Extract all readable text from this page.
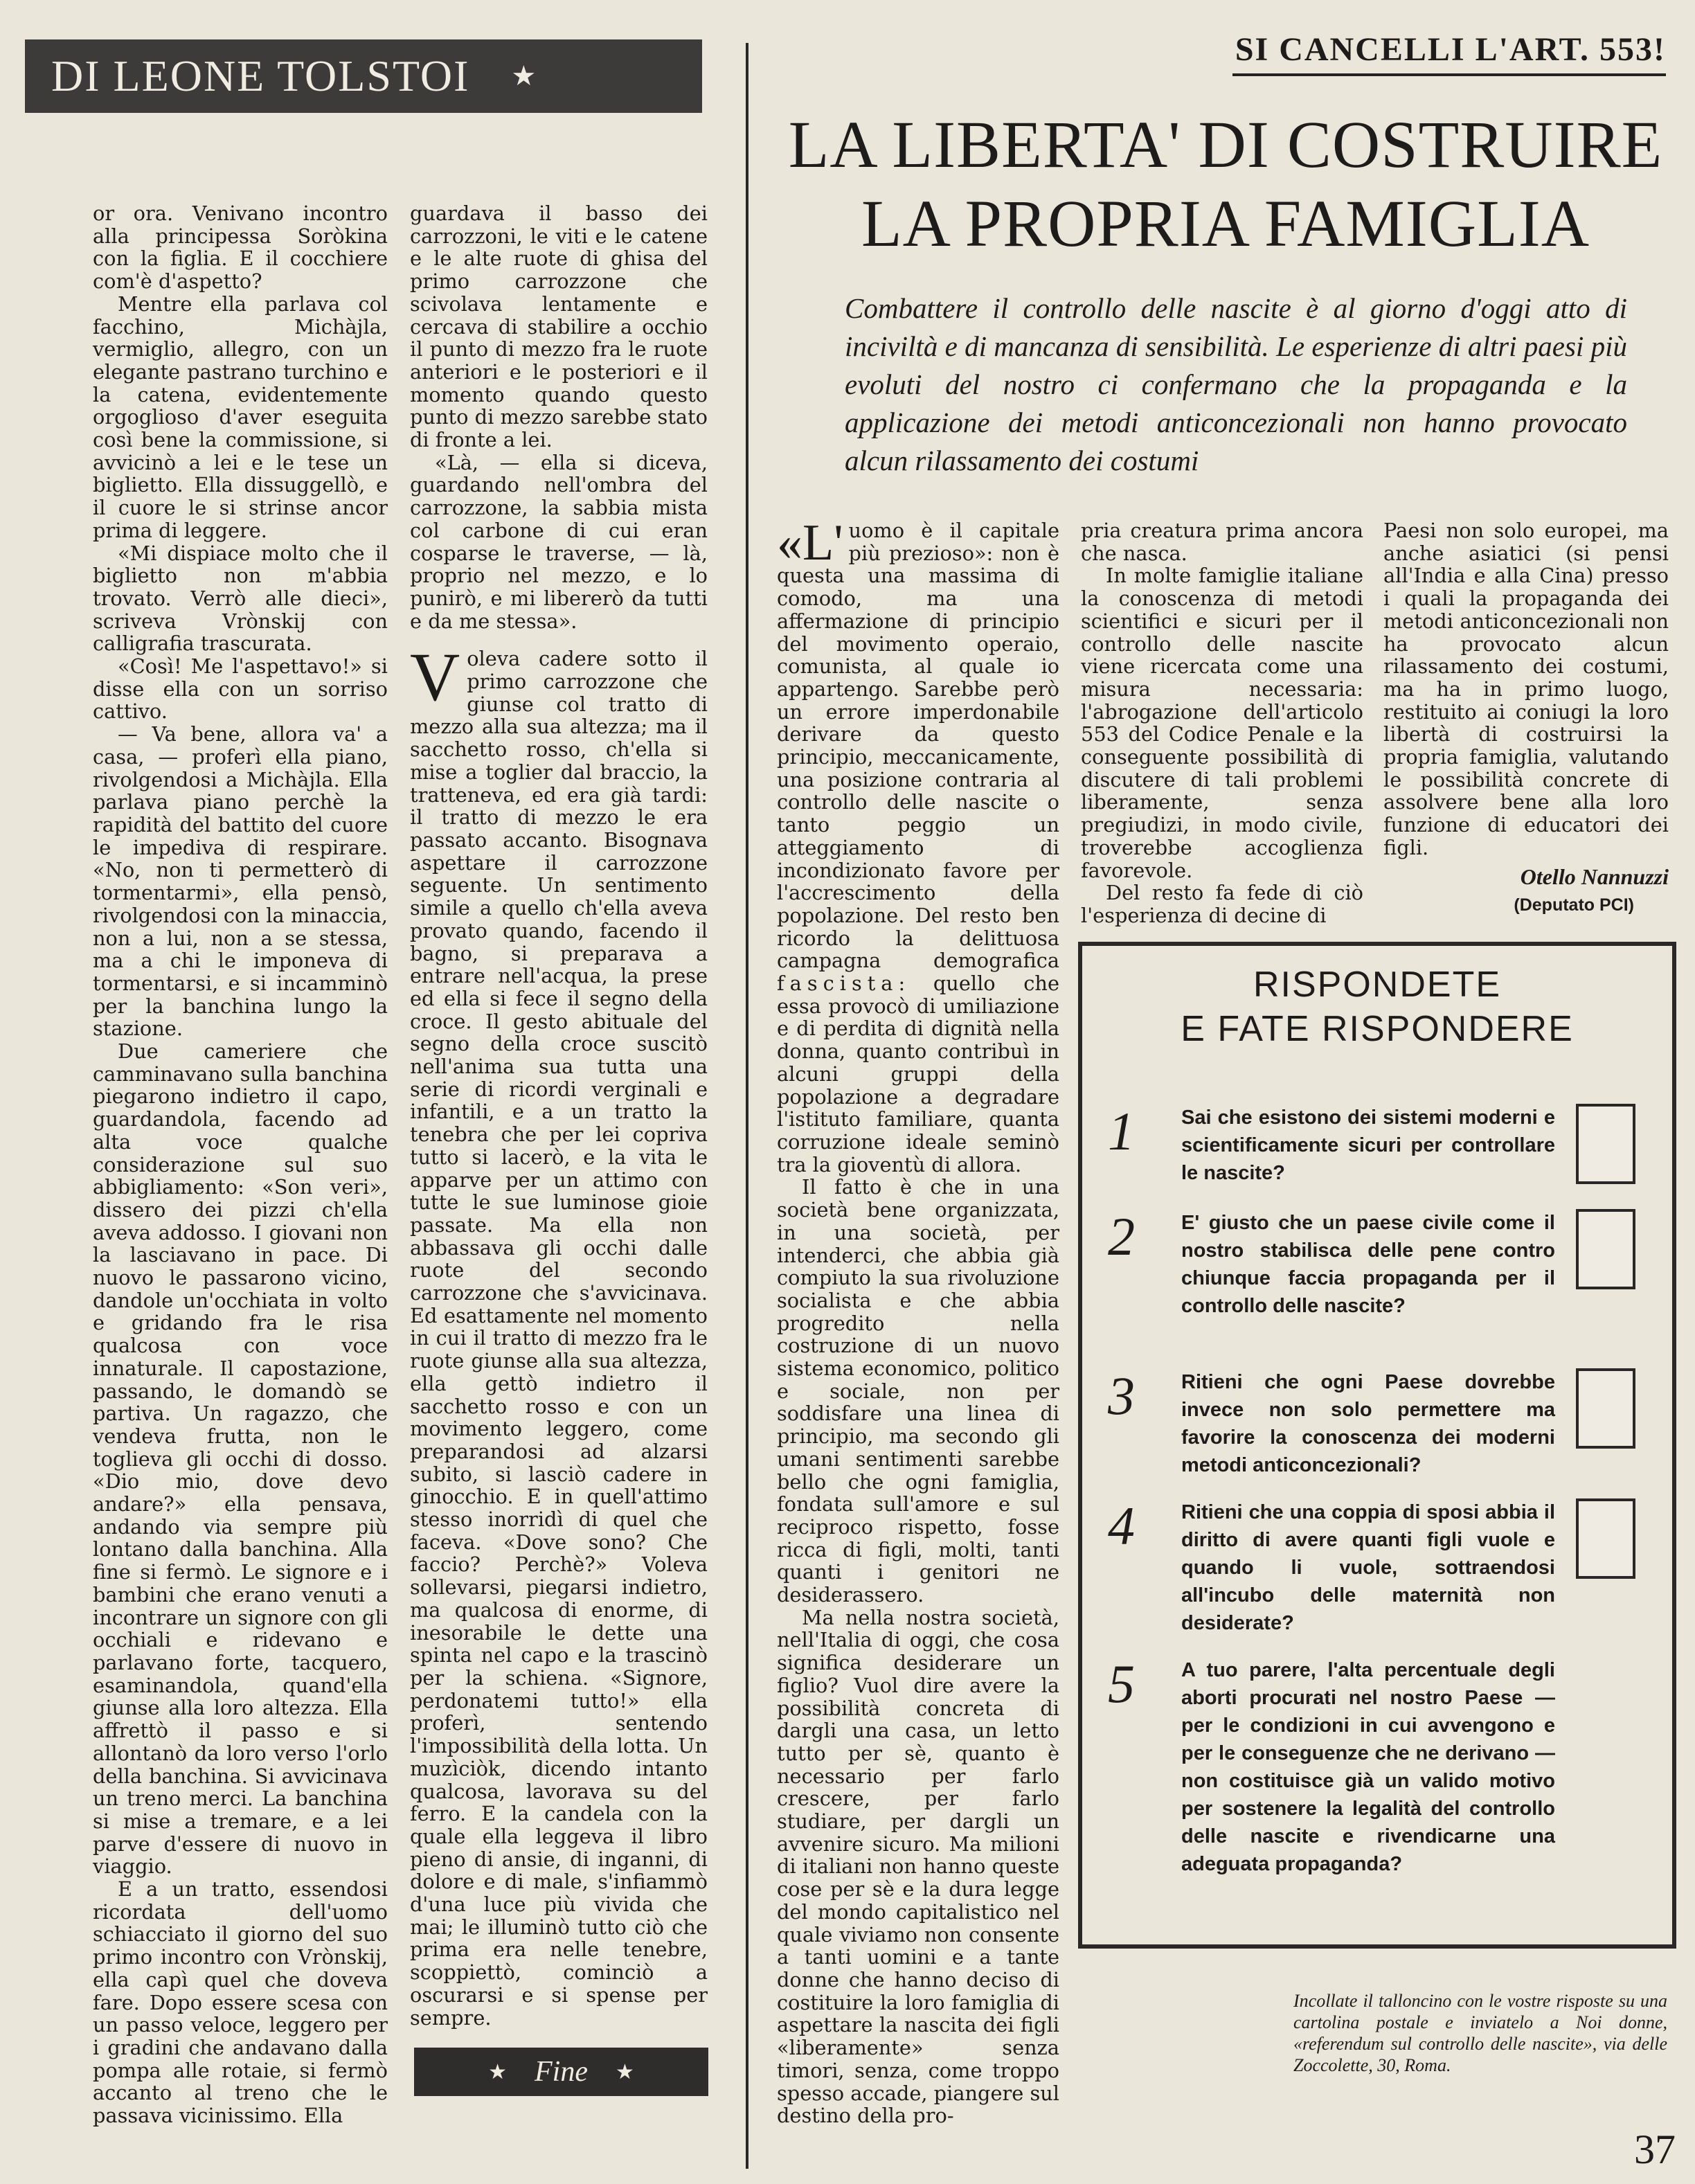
DI LEONE TOLSTOI ★

or ora. Venivano incontro alla principessa Soròkina con la figlia. E il cocchiere com'è d'aspetto?

Mentre ella parlava col facchino, Michàjla, vermiglio, allegro, con un elegante pastrano turchino e la catena, evidentemente orgoglioso d'aver eseguita così bene la commissione, si avvicinò a lei e le tese un biglietto. Ella dissuggellò, e il cuore le si strinse ancor prima di leggere.

«Mi dispiace molto che il biglietto non m'abbia trovato. Verrò alle dieci», scriveva Vrònskij con calligrafia trascurata.

«Così! Me l'aspettavo!» si disse ella con un sorriso cattivo.

— Va bene, allora va' a casa, — proferì ella piano, rivolgendosi a Michàjla. Ella parlava piano perchè la rapidità del battito del cuore le impediva di respirare. «No, non ti permetterò di tormentarmi», ella pensò, rivolgendosi con la minaccia, non a lui, non a se stessa, ma a chi le imponeva di tormentarsi, e si incamminò per la banchina lungo la stazione.

Due cameriere che camminavano sulla banchina piegarono indietro il capo, guardandola, facendo ad alta voce qualche considerazione sul suo abbigliamento: «Son veri», dissero dei pizzi ch'ella aveva addosso. I giovani non la lasciavano in pace. Di nuovo le passarono vicino, dandole un'occhiata in volto e gridando fra le risa qualcosa con voce innaturale. Il capostazione, passando, le domandò se partiva. Un ragazzo, che vendeva frutta, non le toglieva gli occhi di dosso. «Dio mio, dove devo andare?» ella pensava, andando via sempre più lontano dalla banchina. Alla fine si fermò. Le signore e i bambini che erano venuti a incontrare un signore con gli occhiali e ridevano e parlavano forte, tacquero, esaminandola, quand'ella giunse alla loro altezza. Ella affrettò il passo e si allontanò da loro verso l'orlo della banchina. Si avvicinava un treno merci. La banchina si mise a tremare, e a lei parve d'essere di nuovo in viaggio.

E a un tratto, essendosi ricordata dell'uomo schiacciato il giorno del suo primo incontro con Vrònskij, ella capì quel che doveva fare. Dopo essere scesa con un passo veloce, leggero per i gradini che andavano dalla pompa alle rotaie, si fermò accanto al treno che le passava vicinissimo. Ella

guardava il basso dei carrozzoni, le viti e le catene e le alte ruote di ghisa del primo carrozzone che scivolava lentamente e cercava di stabilire a occhio il punto di mezzo fra le ruote anteriori e le posteriori e il momento quando questo punto di mezzo sarebbe stato di fronte a lei.

«Là, — ella si diceva, guardando nell'ombra del carrozzone, la sabbia mista col carbone di cui eran cosparse le traverse, — là, proprio nel mezzo, e lo punirò, e mi libererò da tutti e da me stessa».

Voleva cadere sotto il primo carrozzone che giunse col tratto di mezzo alla sua altezza; ma il sacchetto rosso, ch'ella si mise a toglier dal braccio, la tratteneva, ed era già tardi: il tratto di mezzo le era passato accanto. Bisognava aspettare il carrozzone seguente. Un sentimento simile a quello ch'ella aveva provato quando, facendo il bagno, si preparava a entrare nell'acqua, la prese ed ella si fece il segno della croce. Il gesto abituale del segno della croce suscitò nell'anima sua tutta una serie di ricordi verginali e infantili, e a un tratto la tenebra che per lei copriva tutto si lacerò, e la vita le apparve per un attimo con tutte le sue luminose gioie passate. Ma ella non abbassava gli occhi dalle ruote del secondo carrozzone che s'avvicinava. Ed esattamente nel momento in cui il tratto di mezzo fra le ruote giunse alla sua altezza, ella gettò indietro il sacchetto rosso e con un movimento leggero, come preparandosi ad alzarsi subito, si lasciò cadere in ginocchio. E in quell'attimo stesso inorridì di quel che faceva. «Dove sono? Che faccio? Perchè?» Voleva sollevarsi, piegarsi indietro, ma qualcosa di enorme, di inesorabile le dette una spinta nel capo e la trascinò per la schiena. «Signore, perdonatemi tutto!» ella proferì, sentendo l'impossibilità della lotta. Un muzìciòk, dicendo intanto qualcosa, lavorava su del ferro. E la candela con la quale ella leggeva il libro pieno di ansie, di inganni, di dolore e di male, s'infiammò d'una luce più vivida che mai; le illuminò tutto ciò che prima era nelle tenebre, scoppiettò, cominciò a oscurarsi e si spense per sempre.

★ Fine ★
SI CANCELLI L'ART. 553!
LA LIBERTA' DI COSTRUIRE
LA PROPRIA FAMIGLIA
Combattere il controllo delle nascite è al giorno d'oggi atto di inciviltà e di mancanza di sensibilità. Le esperienze di altri paesi più evoluti del nostro ci confermano che la propaganda e la applicazione dei metodi anticoncezionali non hanno provocato alcun rilassamento dei costumi

«L' uomo è il capitale più prezioso»: non è questa una massima di comodo, ma una affermazione di principio del movimento operaio, comunista, al quale io appartengo. Sarebbe però un errore imperdonabile derivare da questo principio, meccanicamente, una posizione contraria al controllo delle nascite o tanto peggio un atteggiamento di incondizionato favore per l'accrescimento della popolazione. Del resto ben ricordo la delittuosa campagna demografica fascista: quello che essa provocò di umiliazione e di perdita di dignità nella donna, quanto contribuì in alcuni gruppi della popolazione a degradare l'istituto familiare, quanta corruzione ideale seminò tra la gioventù di allora.

Il fatto è che in una società bene organizzata, in una società, per intenderci, che abbia già compiuto la sua rivoluzione socialista e che abbia progredito nella costruzione di un nuovo sistema economico, politico e sociale, non per soddisfare una linea di principio, ma secondo gli umani sentimenti sarebbe bello che ogni famiglia, fondata sull'amore e sul reciproco rispetto, fosse ricca di figli, molti, tanti quanti i genitori ne desiderassero.

Ma nella nostra società, nell'Italia di oggi, che cosa significa desiderare un figlio? Vuol dire avere la possibilità concreta di dargli una casa, un letto tutto per sè, quanto è necessario per farlo crescere, per farlo studiare, per dargli un avvenire sicuro. Ma milioni di italiani non hanno queste cose per sè e la dura legge del mondo capitalistico nel quale viviamo non consente a tanti uomini e a tante donne che hanno deciso di costituire la loro famiglia di aspettare la nascita dei figli «liberamente» senza timori, senza, come troppo spesso accade, piangere sul destino della pro-

pria creatura prima ancora che nasca.

In molte famiglie italiane la conoscenza di metodi scientifici e sicuri per il controllo delle nascite viene ricercata come una misura necessaria: l'abrogazione dell'articolo 553 del Codice Penale e la conseguente possibilità di discutere di tali problemi liberamente, senza pregiudizi, in modo civile, troverebbe accoglienza favorevole.

Del resto fa fede di ciò l'esperienza di decine di

Paesi non solo europei, ma anche asiatici (si pensi all'India e alla Cina) presso i quali la propaganda dei metodi anticoncezionali non ha provocato alcun rilassamento dei costumi, ma ha in primo luogo, restituito ai coniugi la loro libertà di costruirsi la propria famiglia, valutando le possibilità concrete di assolvere bene alla loro funzione di educatori dei figli.

Otello Nannuzzi
(Deputato PCI)
RISPONDETE
E FATE RISPONDERE
1	Sai che esistono dei sistemi moderni e scientificamente sicuri per controllare le nascite?
2	E' giusto che un paese civile come il nostro stabilisca delle pene contro chiunque faccia propaganda per il controllo delle nascite?
3	Ritieni che ogni Paese dovrebbe invece non solo permettere ma favorire la conoscenza dei moderni metodi anticoncezionali?
4	Ritieni che una coppia di sposi abbia il diritto di avere quanti figli vuole e quando li vuole, sottraendosi all'incubo delle maternità non desiderate?
5	A tuo parere, l'alta percentuale degli aborti procurati nel nostro Paese — per le condizioni in cui avvengono e per le conseguenze che ne derivano — non costituisce già un valido motivo per sostenere la legalità del controllo delle nascite e rivendicarne una adeguata propaganda?
Incollate il talloncino con le vostre risposte su una cartolina postale e inviatelo a Noi donne, «referendum sul controllo delle nascite», via delle Zoccolette, 30, Roma.
37
